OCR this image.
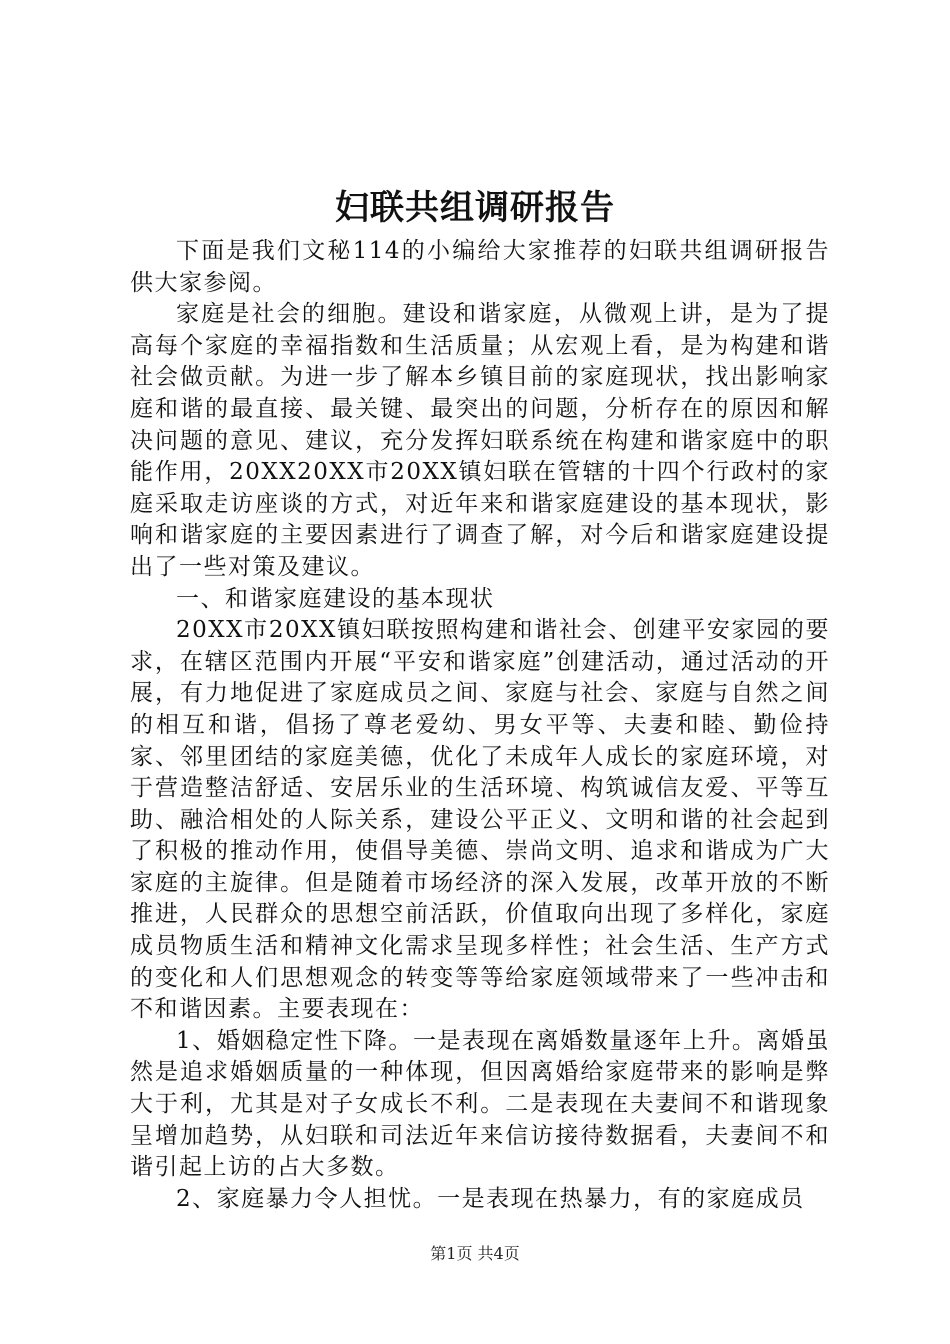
妇联共组调研报告

下面是我们文秘114的小编给大家推荐的妇联共组调研报告供大家参阅。

家庭是社会的细胞。建设和谐家庭，从微观上讲，是为了提高每个家庭的幸福指数和生活质量；从宏观上看，是为构建和谐社会做贡献。为进一步了解本乡镇目前的家庭现状，找出影响家庭和谐的最直接、最关键、最突出的问题，分析存在的原因和解决问题的意见、建议，充分发挥妇联系统在构建和谐家庭中的职能作用，20XX20XX市20XX镇妇联在管辖的十四个行政村的家庭采取走访座谈的方式，对近年来和谐家庭建设的基本现状，影响和谐家庭的主要因素进行了调查了解，对今后和谐家庭建设提出了一些对策及建议。

一、和谐家庭建设的基本现状

20XX市20XX镇妇联按照构建和谐社会、创建平安家园的要求，在辖区范围内开展“平安和谐家庭”创建活动，通过活动的开展，有力地促进了家庭成员之间、家庭与社会、家庭与自然之间的相互和谐，倡扬了尊老爱幼、男女平等、夫妻和睦、勤俭持家、邻里团结的家庭美德，优化了未成年人成长的家庭环境，对于营造整洁舒适、安居乐业的生活环境、构筑诚信友爱、平等互助、融洽相处的人际关系，建设公平正义、文明和谐的社会起到了积极的推动作用，使倡导美德、崇尚文明、追求和谐成为广大家庭的主旋律。但是随着市场经济的深入发展，改革开放的不断推进，人民群众的思想空前活跃，价值取向出现了多样化，家庭成员物质生活和精神文化需求呈现多样性；社会生活、生产方式的变化和人们思想观念的转变等等给家庭领域带来了一些冲击和不和谐因素。主要表现在：

1、婚姻稳定性下降。一是表现在离婚数量逐年上升。离婚虽然是追求婚姻质量的一种体现，但因离婚给家庭带来的影响是弊大于利，尤其是对子女成长不利。二是表现在夫妻间不和谐现象呈增加趋势，从妇联和司法近年来信访接待数据看，夫妻间不和谐引起上访的占大多数。

2、家庭暴力令人担忧。一是表现在热暴力，有的家庭成员

第1页 共4页
